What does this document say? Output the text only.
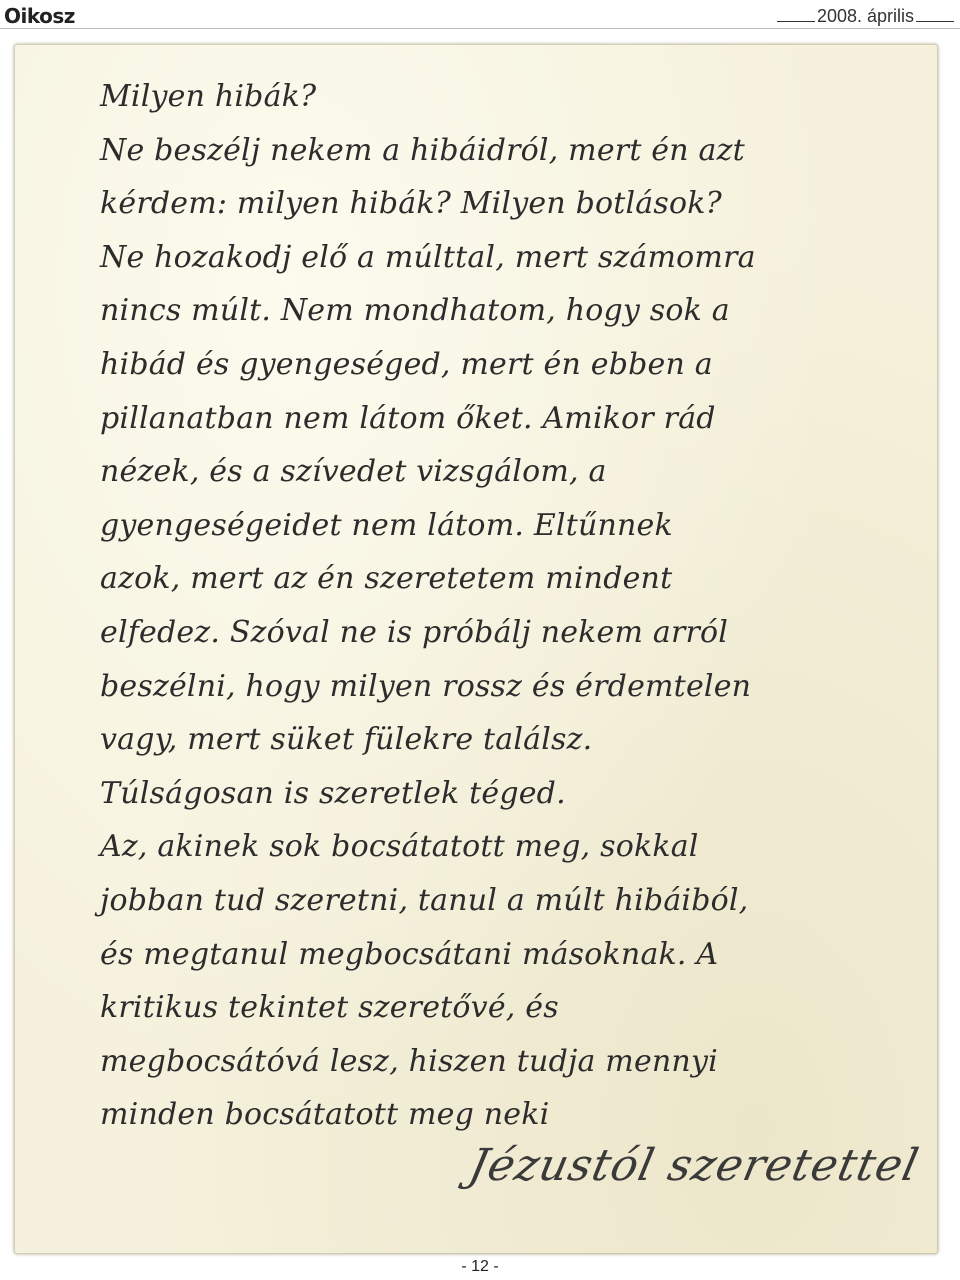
Oikosz	2008. április
Milyen hibák?
Ne beszélj nekem a hibáidról, mert én azt
kérdem: milyen hibák? Milyen botlások?
Ne hozakodj elő a múlttal, mert számomra
nincs múlt. Nem mondhatom, hogy sok a
hibád és gyengeséged, mert én ebben a
pillanatban nem látom őket. Amikor rád
nézek, és a szívedet vizsgálom, a
gyengeségeidet nem látom. Eltűnnek
azok, mert az én szeretetem mindent
elfedez. Szóval ne is próbálj nekem arról
beszélni, hogy milyen rossz és érdemtelen
vagy, mert süket fülekre találsz.
Túlságosan is szeretlek téged.
Az, akinek sok bocsátatott meg, sokkal
jobban tud szeretni, tanul a múlt hibáiból,
és megtanul megbocsátani másoknak. A
kritikus tekintet szeretővé, és
megbocsátóvá lesz, hiszen tudja mennyi
minden bocsátatott meg neki
Jézustól szeretettel
- 12 -
